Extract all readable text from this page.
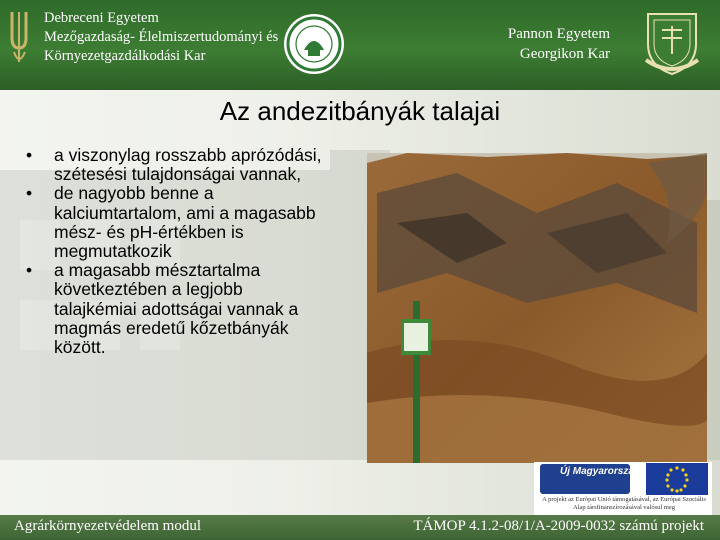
Debreceni Egyetem
Mezőgazdaság- Élelmiszertudományi és
Környezetgazdálkodási Kar
Pannon Egyetem
Georgikon Kar
Az andezitbányák talajai
• a viszonylag rosszabb aprózódási, szétesési tulajdonságai vannak,
• de nagyobb benne a kalciumtartalom, ami a magasabb mész- és pH-értékben is megmutatkozik
• a magasabb mésztartalma következtében a legjobb talajkémiai adottságai vannak a magmás eredetű kőzetbányák között.
Új Magyarország
A projekt az Európai Unió támogatásával, az Európai Szociális Alap társfinanszírozásával valósul meg
Agrárkörnyezetvédelem modul	TÁMOP 4.1.2-08/1/A-2009-0032 számú projekt
